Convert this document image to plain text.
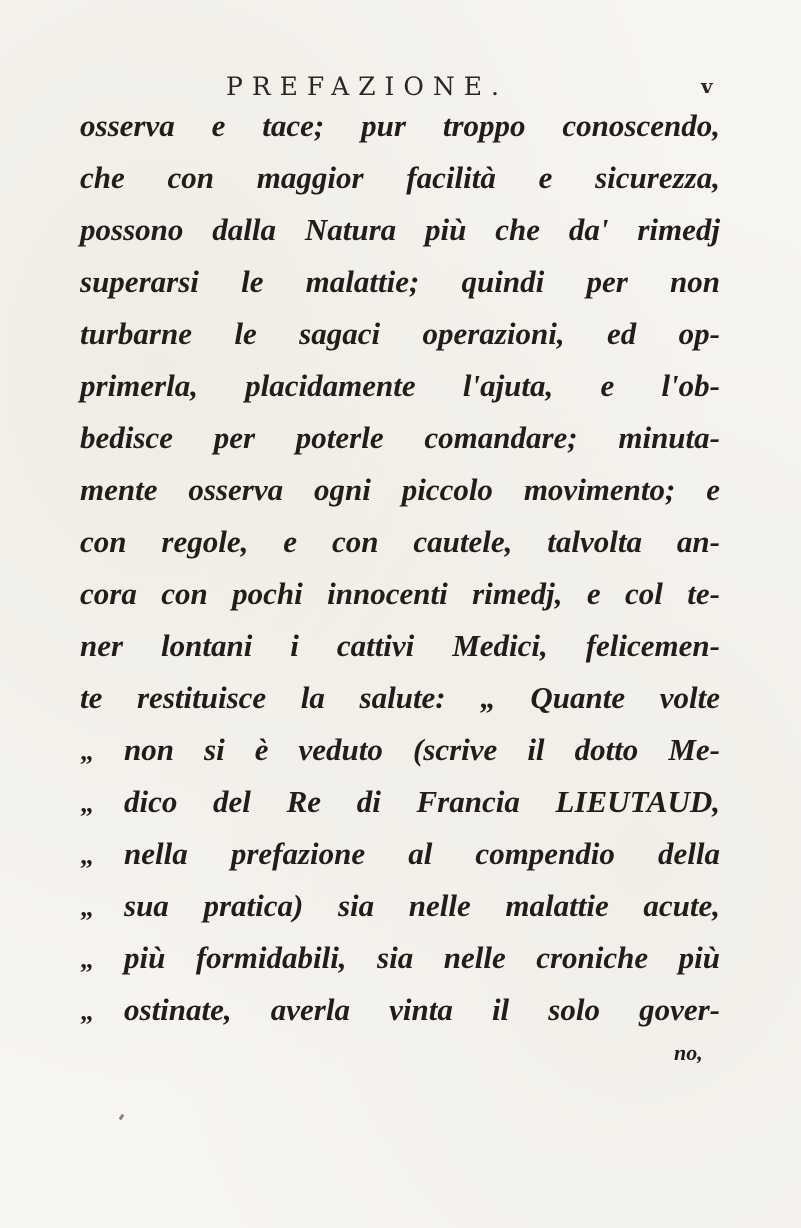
PREFAZIONE.	v
osserva e tace; pur troppo conoscendo,
che con maggior facilità e sicurezza,
possono dalla Natura più che da' rimedj
superarsi le malattie; quindi per non
turbarne le sagaci operazioni, ed op-
primerla, placidamente l'ajuta, e l'ob-
bedisce per poterle comandare; minuta-
mente osserva ogni piccolo movimento; e
con regole, e con cautele, talvolta an-
cora con pochi innocenti rimedj, e col te-
ner lontani i cattivi Medici, felicemen-
te restituisce la salute: „ Quante volte
„ non si è veduto (scrive il dotto Me-
„ dico del Re di Francia LIEUTAUD,
„ nella prefazione al compendio della
„ sua pratica) sia nelle malattie acute,
„ più formidabili, sia nelle croniche più
„ ostinate, averla vinta il solo gover-
no,
